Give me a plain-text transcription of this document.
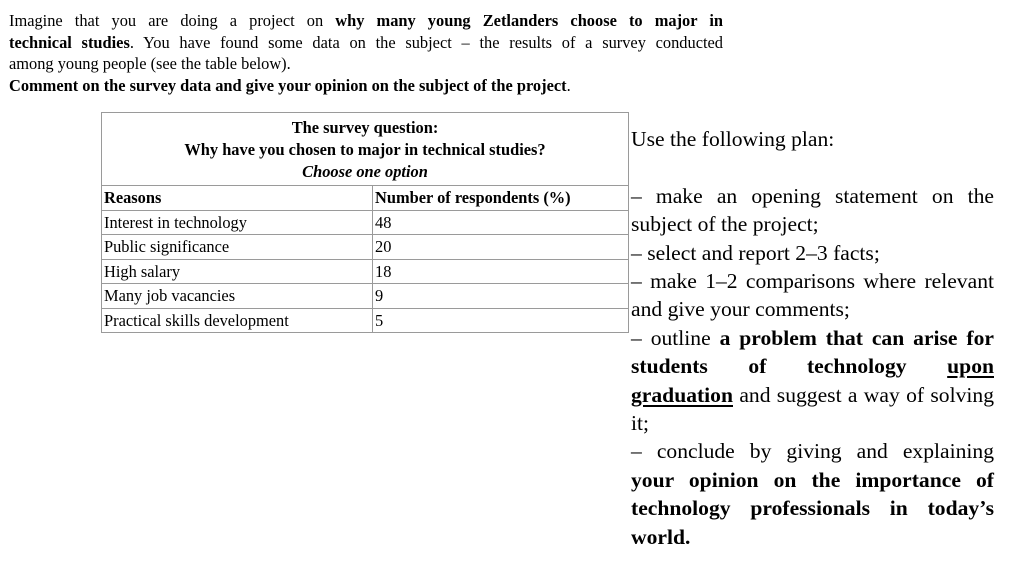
Imagine that you are doing a project on why many young Zetlanders choose to major in
technical studies. You have found some data on the subject – the results of a survey conducted
among young people (see the table below).
Comment on the survey data and give your opinion on the subject of the project.
The survey question:
Why have you chosen to major in technical studies?
Choose one option
Reasons	Number of respondents (%)
Interest in technology	48
Public significance	20
High salary	18
Many job vacancies	9
Practical skills development	5

Use the following plan:

– make an opening statement on the subject of the project;

– select and report 2–3 facts;

– make 1–2 comparisons where relevant and give your comments;

– outline a problem that can arise for students of technology upon graduation and suggest a way of solving it;

– conclude by giving and explaining your opinion on the importance of technology professionals in today’s world.
